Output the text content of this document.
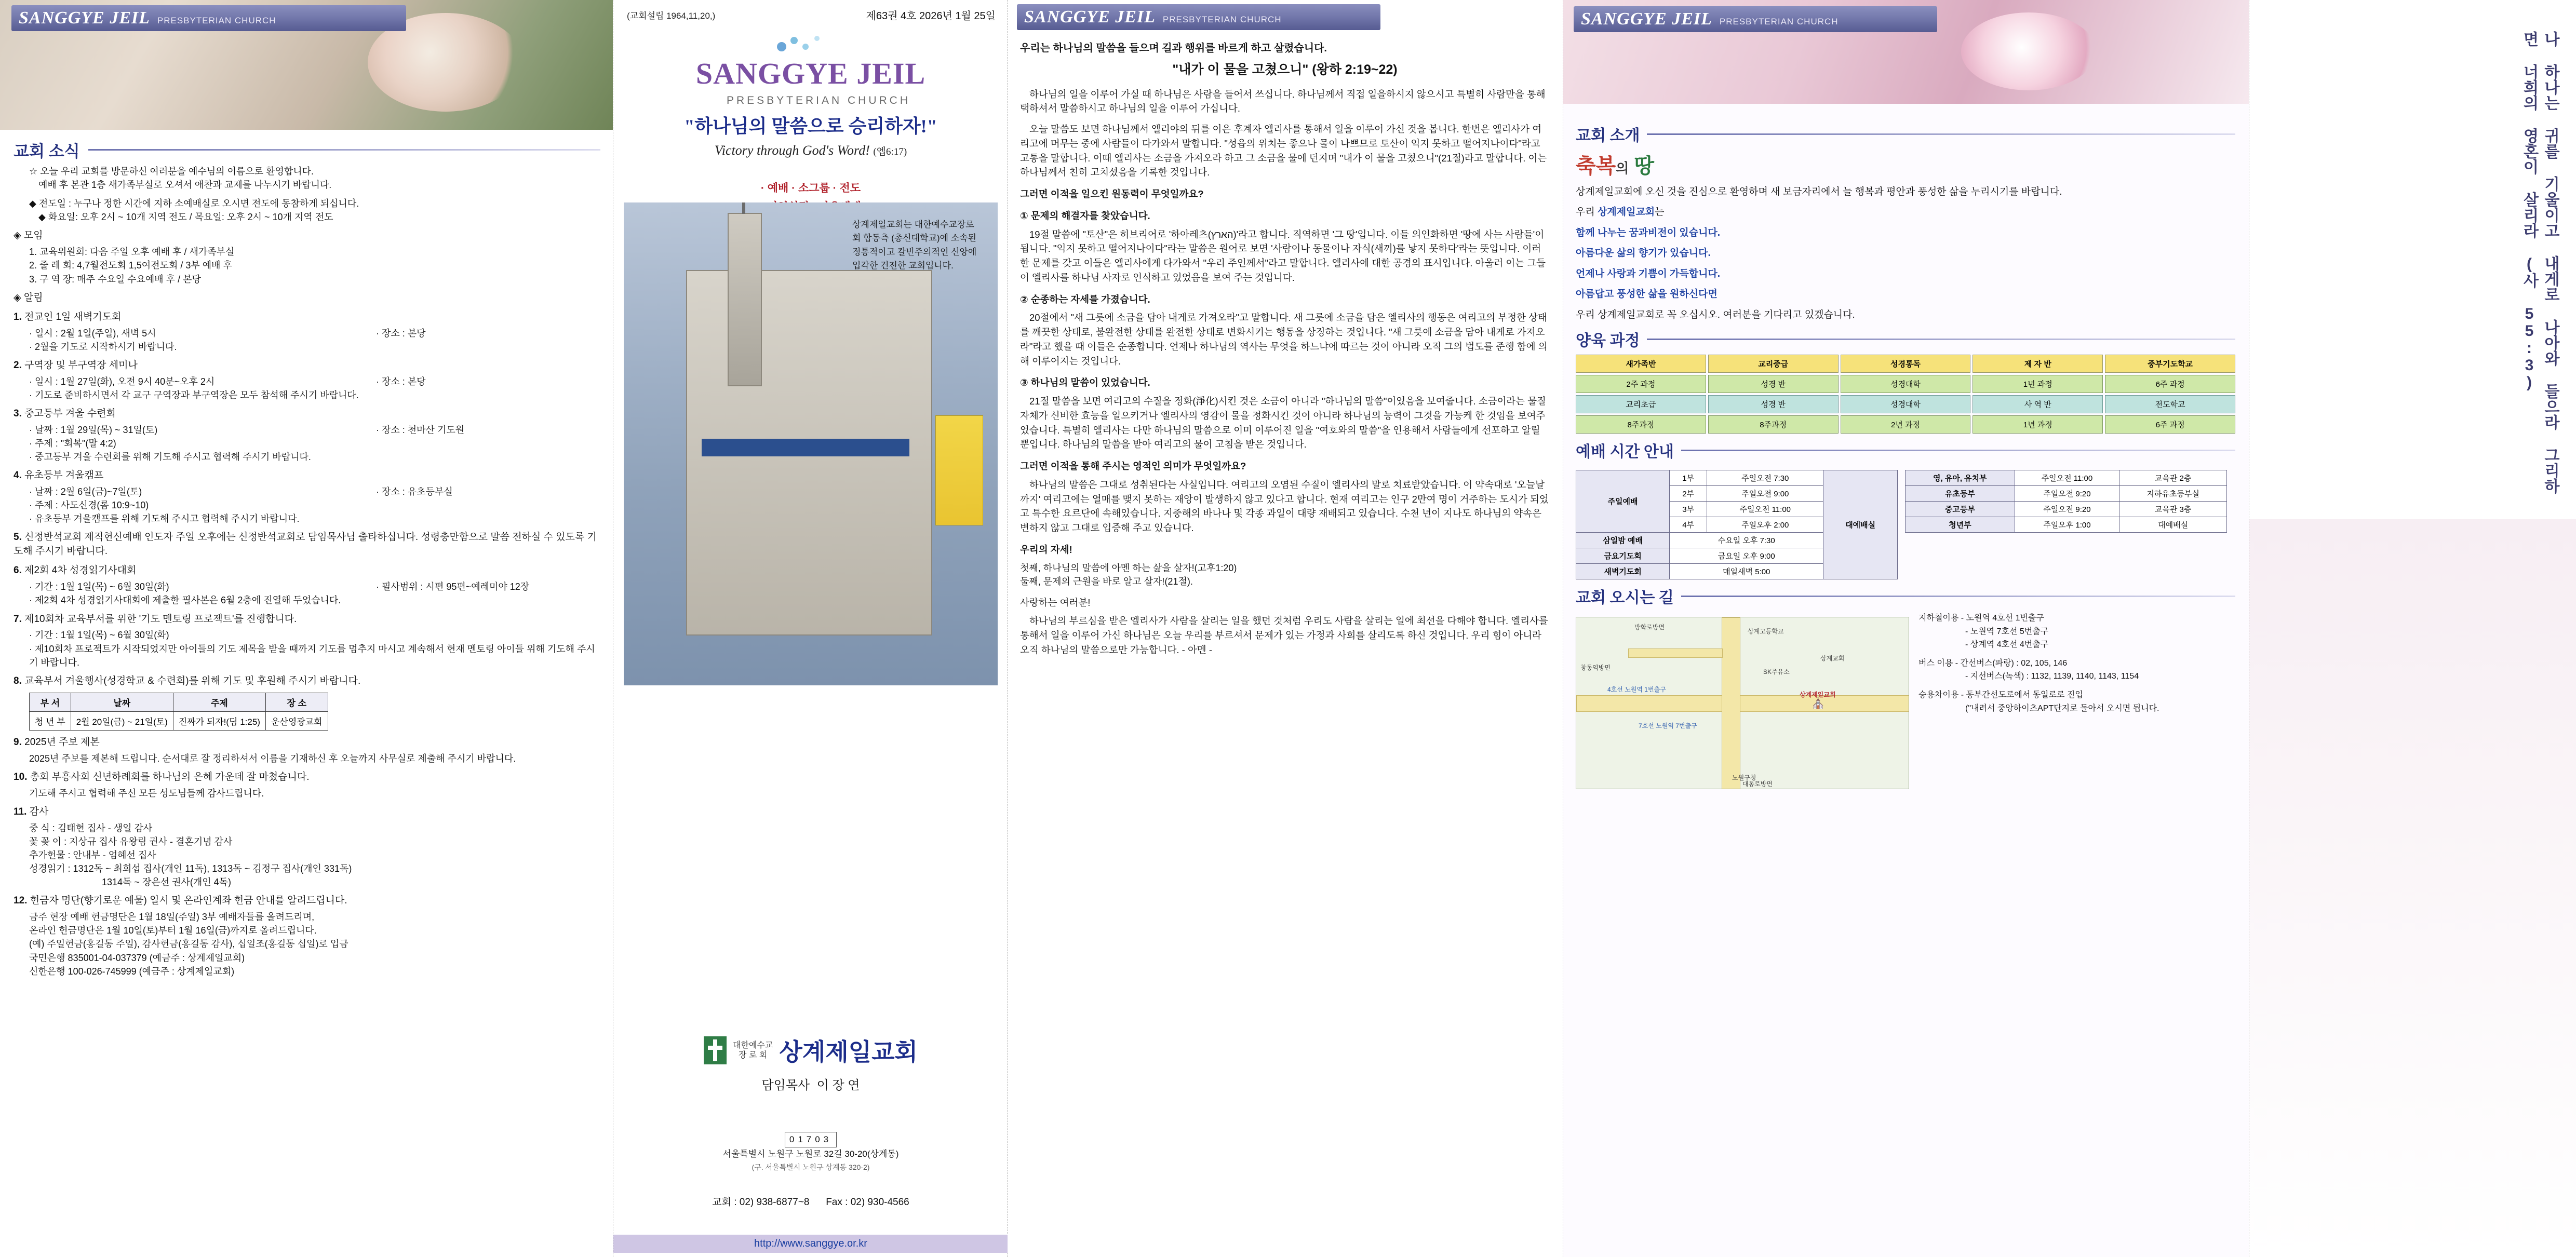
SANGGYE JEIL PRESBYTERIAN CHURCH
교회 소식
☆ 오늘 우리 교회를 방문하신 여러분을 예수님의 이름으로 환영합니다.
예배 후 본관 1층 새가족부실로 오셔서 애찬과 교제를 나누시기 바랍니다.
◆ 전도일 : 누구나 정한 시간에 지하 소예배실로 오시면 전도에 동참하게 되십니다.
◆ 화요일: 오후 2시 ~ 10개 지역 전도 / 목요일: 오후 2시 ~ 10개 지역 전도
◈ 모임
1. 교육위원회: 다음 주일 오후 예배 후 / 새가족부실
2. 줄 레 회: 4,7월전도회 1,5여전도회 / 3부 예배 후
3. 구 역 장: 매주 수요일 수요예배 후 / 본당
◈ 알림
1. 전교인 1일 새벽기도회
· 일시 : 2월 1일(주일), 새벽 5시	· 장소 : 본당
· 2월을 기도로 시작하시기 바랍니다.
2. 구역장 및 부구역장 세미나
· 일시 : 1월 27일(화), 오전 9시 40분~오후 2시	· 장소 : 본당
· 기도로 준비하시면서 각 교구 구역장과 부구역장은 모두 참석해 주시기 바랍니다.
3. 중고등부 겨울 수련회
· 날짜 : 1월 29일(목) ~ 31일(토)	· 장소 : 천마산 기도원
· 주제 : "회복"(말 4:2)
· 중고등부 겨울 수련회를 위해 기도해 주시고 협력해 주시기 바랍니다.
4. 유초등부 겨울캠프
· 날짜 : 2월 6일(금)~7일(토)	· 장소 : 유초등부실
· 주제 : 사도신경(롬 10:9~10)
· 유초등부 겨울캠프를 위해 기도해 주시고 협력해 주시기 바랍니다.
5. 신정반석교회 제직헌신예배 인도자 주일 오후에는 신정반석교회로 담임목사님 출타하십니다. 성령충만함으로 말씀 전하실 수 있도록 기도해 주시기 바랍니다.
6. 제2회 4차 성경읽기사대회
· 기간 : 1월 1일(목) ~ 6월 30일(화)	· 필사범위 : 시편 95편~예레미야 12장
· 제2회 4차 성경읽기사대회에 제출한 필사본은 6월 2층에 진열해 두었습니다.
7. 제10회차 교육부서를 위한 '기도 멘토링 프로젝트'를 진행합니다.
· 기간 : 1월 1일(목) ~ 6월 30일(화)
· 제10회차 프로젝트가 시작되었지만 아이들의 기도 제목을 받을 때까지 기도를 멈추지 마시고 계속해서 현재 멘토링 아이들 위해 기도해 주시기 바랍니다.
8. 교육부서 겨울행사(성경학교 & 수련회)를 위해 기도 및 후원해 주시기 바랍니다.
부 서	날짜	주제	장 소
청 년 부	2월 20일(금) ~ 21일(토)	진짜가 되자!(딤 1:25)	운산영광교회
9. 2025년 주보 제본
2025년 주보를 제본해 드립니다. 순서대로 잘 정리하셔서 이름을 기재하신 후 오늘까지 사무실로 제출해 주시기 바랍니다.
10. 총회 부흥사회 신년하례회를 하나님의 은혜 가운데 잘 마쳤습니다.
기도해 주시고 협력해 주신 모든 성도님들께 감사드립니다.
11. 감사
중 식 : 김태현 집사 - 생일 감사
꽃 꽂 이 : 지상규 집사 유왕림 권사 - 결혼기념 감사
추가헌물 : 안내부 - 엄혜선 집사
성경읽기 : 1312독 ~ 최희섭 집사(개인 11독), 1313독 ~ 김정구 집사(개인 331독)
1314독 ~ 장은선 권사(개인 4독)
12. 헌금자 명단(향기로운 예물) 일시 및 온라인계좌 헌금 안내를 알려드립니다.
금주 현장 예배 헌금명단은 1월 18일(주일) 3부 예배자들를 올려드리며,
온라인 헌금명단은 1월 10일(토)부터 1월 16일(금)까지로 올려드립니다.
(예) 주일헌금(홍길동 주일), 감사헌금(홍길동 감사), 십일조(홍길동 십일)로 입금
국민은행 835001-04-037379 (예금주 : 상계제일교회)
신한은행 100-026-745999 (예금주 : 상계제일교회)
(교회설립 1964,11,20,)	제63권 4호 2026년 1월 25일
SANGGYE JEIL
PRESBYTERIAN CHURCH
"하나님의 말씀으로 승리하자!"
Victory through God's Word! (엡6:17)
· 예배 · 소그룹 · 전도
상계제일교회는 대한예수교장로회 합동측 (총신대학교)에 소속된 정통적이고 칼빈주의적인 신앙에 입각한 건전한 교회입니다.
대한예수교
장 로 회 상계제일교회
담임목사 이 장 연
01703
서울특별시 노원구 노원로 32길 30-20(상계동)
(구. 서울특별시 노원구 상계동 320-2)
교회 : 02) 938-6877~8 Fax : 02) 930-4566
http://www.sanggye.or.kr
SANGGYE JEIL PRESBYTERIAN CHURCH
우리는 하나님의 말씀을 들으며 길과 행위를 바르게 하고 살렸습니다.
"내가 이 물을 고쳤으니" (왕하 2:19~22)

하나님의 일을 이루어 가실 때 하나님은 사람을 들어서 쓰십니다. 하나님께서 직접 일을하시지 않으시고 특별히 사람만을 통해 택하셔서 말씀하시고 하나님의 일을 이루어 가십니다.

오늘 말씀도 보면 하나님께서 엘리야의 뒤를 이은 후계자 엘리사를 통해서 일을 이루어 가신 것을 봅니다. 한번은 엘리사가 여리고에 머무는 중에 사람들이 다가와서 말합니다. "성읍의 위치는 좋으나 물이 나쁘므로 토산이 익지 못하고 떨어지나이다"라고 고통을 말합니다. 이때 엘리사는 소금을 가져오라 하고 그 소금을 물에 던지며 "내가 이 물을 고쳤으니"(21절)라고 말합니다. 이는 하나님께서 친히 고치셨음을 기록한 것입니다.

그러면 이적을 일으킨 원동력이 무엇일까요?
① 문제의 해결자를 찾았습니다.

19절 말씀에 "토산"은 히브리어로 '하아레츠(הארץ)'라고 합니다. 직역하면 '그 땅'입니다. 이들 의인화하면 '땅에 사는 사람들'이 됩니다. "익지 못하고 떨어지나이다"라는 말씀은 원어로 보면 '사람이나 동물이나 자식(새끼)를 낳지 못하다'라는 뜻입니다. 이러한 문제를 갖고 이들은 엘리사에게 다가와서 "우리 주인께서"라고 말합니다. 엘리사에 대한 공경의 표시입니다. 아울러 이는 그들이 엘리사를 하나님 사자로 인식하고 있었음을 보여 주는 것입니다.

② 순종하는 자세를 가졌습니다.

20절에서 "새 그릇에 소금을 담아 내게로 가져오라"고 말합니다. 새 그릇에 소금을 담은 엘리사의 행동은 여리고의 부정한 상태를 깨끗한 상태로, 불완전한 상태를 완전한 상태로 변화시키는 행동을 상징하는 것입니다. "새 그릇에 소금을 담아 내게로 가져오라"라고 했을 때 이들은 순종합니다. 언제나 하나님의 역사는 무엇을 하느냐에 따르는 것이 아니라 오직 그의 법도를 준행 함에 의해 이루어지는 것입니다.

③ 하나님의 말씀이 있었습니다.

21절 말씀을 보면 여리고의 수질을 정화(淨化)시킨 것은 소금이 아니라 "하나님의 말씀"이었음을 보여줍니다. 소금이라는 물질 자체가 신비한 효능을 일으키거나 엘리사의 영감이 물을 정화시킨 것이 아니라 하나님의 능력이 그것을 가능케 한 것임을 보여주었습니다. 특별히 엘리사는 다만 하나님의 말씀으로 이미 이루어진 일을 "여호와의 말씀"을 인용해서 사람들에게 선포하고 알릴 뿐입니다. 하나님의 말씀을 받아 여리고의 물이 고침을 받은 것입니다.

그러면 이적을 통해 주시는 영적인 의미가 무엇일까요?

하나님의 말씀은 그대로 성취된다는 사실입니다. 여리고의 오염된 수질이 엘리사의 말로 치료받았습니다. 이 약속대로 '오늘날까지' 여리고에는 열매를 맺지 못하는 재앙이 발생하지 않고 있다고 합니다. 현재 여리고는 인구 2만여 명이 거주하는 도시가 되었고 특수한 요르단에 속해있습니다. 지중해의 바나나 및 각종 과일이 대량 재배되고 있습니다. 수천 년이 지나도 하나님의 약속은 변하지 않고 그대로 입증해 주고 있습니다.

우리의 자세!
첫째, 하나님의 말씀에 아멘 하는 삶을 살자!(고후1:20)
둘째, 문제의 근원을 바로 알고 살자!(21절).
사랑하는 여러분!

하나님의 부르심을 받은 엘리사가 사람을 살리는 일을 했던 것처럼 우리도 사람을 살리는 일에 최선을 다해야 합니다. 엘리사를 통해서 일을 이루어 가신 하나님은 오늘 우리를 부르셔서 문제가 있는 가정과 사회를 살리도록 하신 것입니다. 우리 힘이 아니라 오직 하나님의 말씀으로만 가능합니다. - 아멘 -

SANGGYE JEIL PRESBYTERIAN CHURCH
교회 소개
축복의 땅
상계제일교회에 오신 것을 진심으로 환영하며 새 보금자리에서 늘 행복과 평안과 풍성한 삶을 누리시기를 바랍니다.
우리 상계제일교회는
함께 나누는 꿈과비전이 있습니다.
아름다운 삶의 향기가 있습니다.
언제나 사랑과 기쁨이 가득합니다.
아름답고 풍성한 삶을 원하신다면
우리 상계제일교회로 꼭 오십시오. 여러분을 기다리고 있겠습니다.
양육 과정
새가족반	교리중급	성경통독	제 자 반	중부기도학교
2주 과정	성경 반	성경대학	1년 과정	6주 과정
교리초급	성경 반	성경대학	사 역 반	전도학교
8주과정	8주과정	2년 과정	1년 과정	6주 과정
예배 시간 안내
주일예배	1부	주일오전 7:30	대예배실
	2부	주일오전 9:00	
	3부	주일오전 11:00	
	4부	주일오후 2:00	
삼일밤 예배	수요일 오후 7:30		
금요기도회	금요일 오후 9:00		
새벽기도회	매일새벽 5:00		
영, 유아, 유치부	주일오전 11:00	교육관 2층
유초등부	주일오전 9:20	지하유초등부실
중고등부	주일오전 9:20	교육관 3층
청년부	주일오후 1:00	대예배실
교회 오시는 길
방학로방면
상계고등학교
창동역방면
상계제일교회
SK주유소
상계교회
노원구청
대동로방면
4호선 노원역 1번출구
7호선 노원역 7번출구
⛪
지하철이용 - 노원역 4호선 1번출구
- 노원역 7호선 5번출구
- 상계역 4호선 4번출구
버스 이용 - 간선버스(파랑) : 02, 105, 146
- 지선버스(녹색) : 1132, 1139, 1140, 1143, 1154
승용차이용 - 동부간선도로에서 동일로로 진입
("내려서 중앙하이츠APT단지로 돌아서 오시면 됩니다.
나 하나는 귀를 기울이고 내게로 나아와 들으라 그리하면 너희의 영혼이 살리라 (사 55:3)
